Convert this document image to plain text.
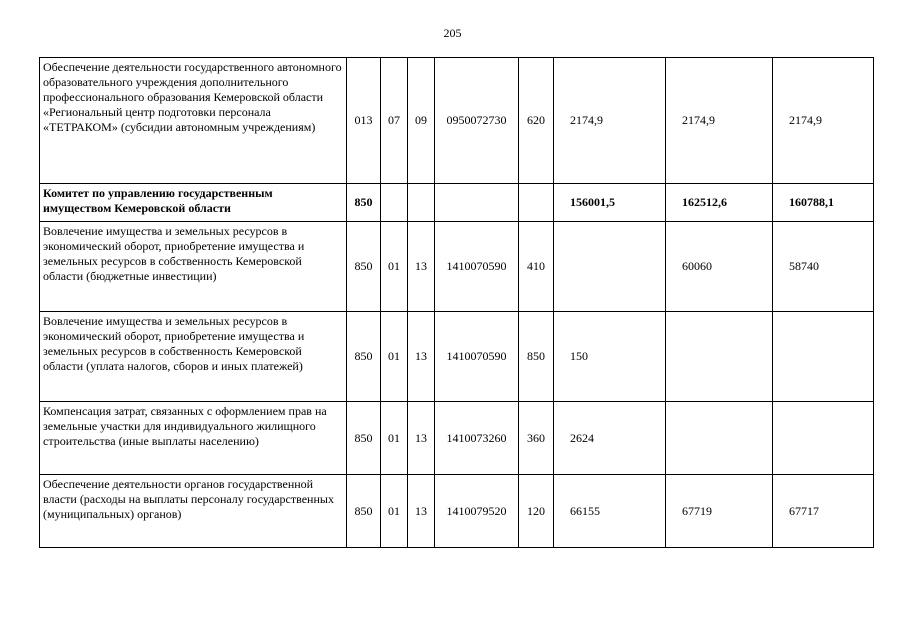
205
Обеспечение деятельности государственного автономного образовательного учреждения дополнительного профессионального образования Кемеровской области «Региональный центр подготовки персонала «ТЕТРАКОМ» (субсидии автономным учреждениям)	013	07	09	0950072730	620	2174,9	2174,9	2174,9
Комитет по управлению государственным имуществом Кемеровской области	850					156001,5	162512,6	160788,1
Вовлечение имущества и земельных ресурсов в экономический оборот, приобретение имущества и земельных ресурсов в собственность Кемеровской области (бюджетные инвестиции)	850	01	13	1410070590	410		60060	58740
Вовлечение имущества и земельных ресурсов в экономический оборот, приобретение имущества и земельных ресурсов в собственность Кемеровской области (уплата налогов, сборов и иных платежей)	850	01	13	1410070590	850	150		
Компенсация затрат, связанных с оформлением прав на земельные участки для индивидуального жилищного строительства (иные выплаты населению)	850	01	13	1410073260	360	2624		
Обеспечение деятельности органов государственной власти (расходы на выплаты персоналу государственных (муниципальных) органов)	850	01	13	1410079520	120	66155	67719	67717
